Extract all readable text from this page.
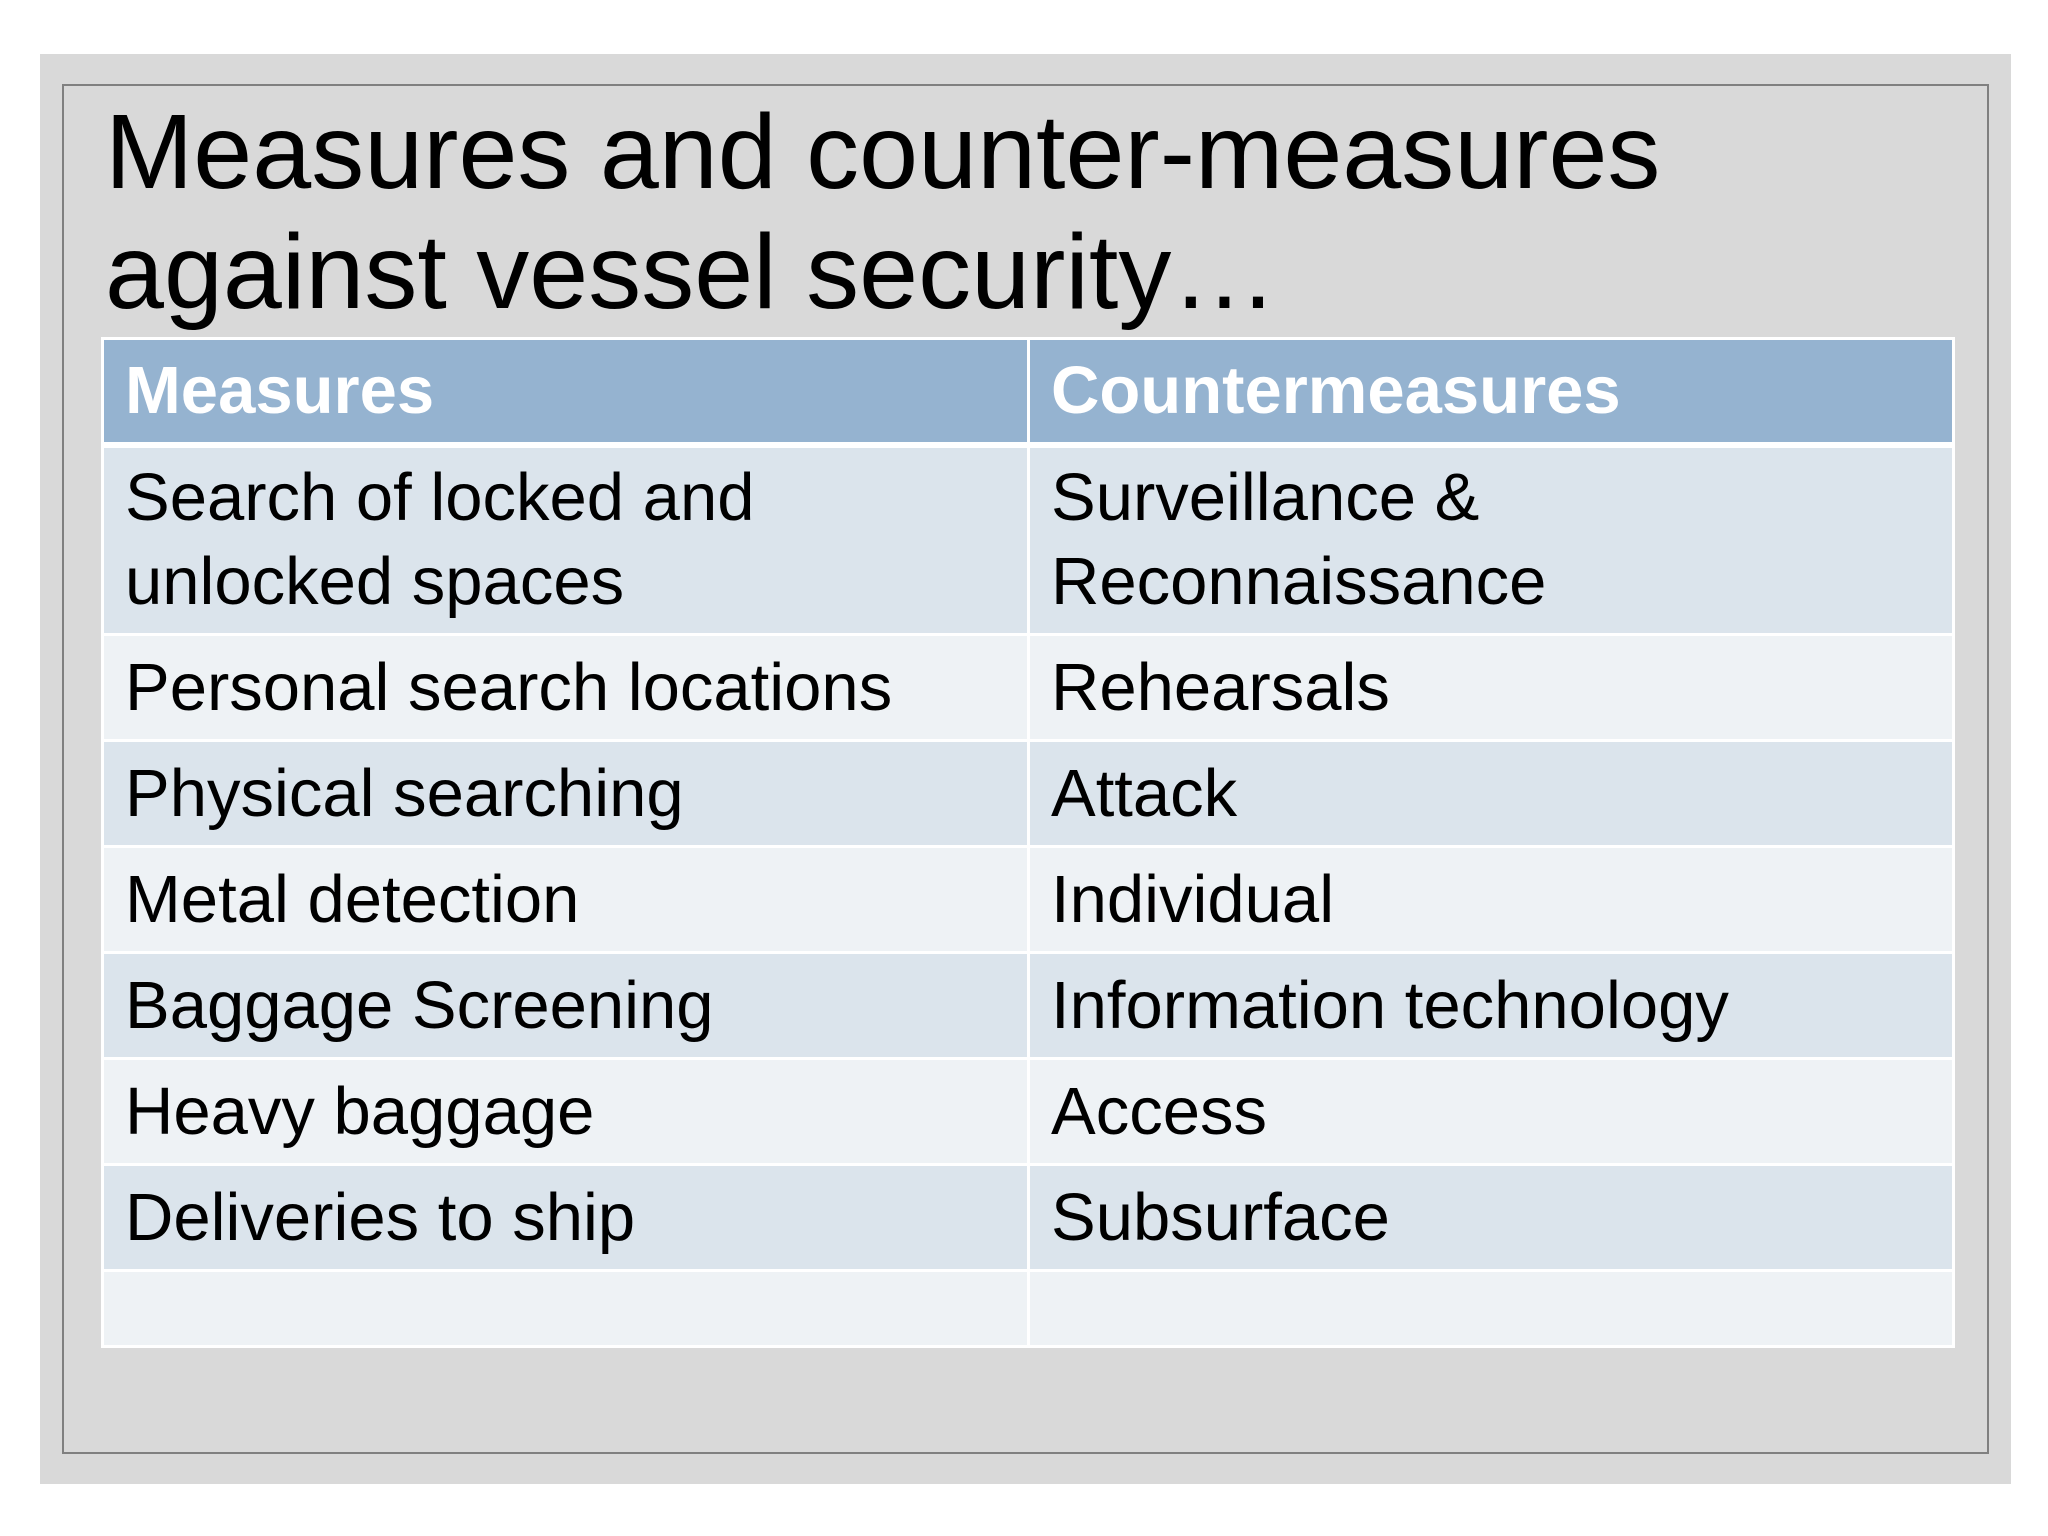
Measures and counter-measures
against vessel security…
Measures	Countermeasures
Search of locked and unlocked spaces	Surveillance & Reconnaissance
Personal search locations	Rehearsals
Physical searching	Attack
Metal detection	Individual
Baggage Screening	Information technology
Heavy baggage	Access
Deliveries to ship	Subsurface
